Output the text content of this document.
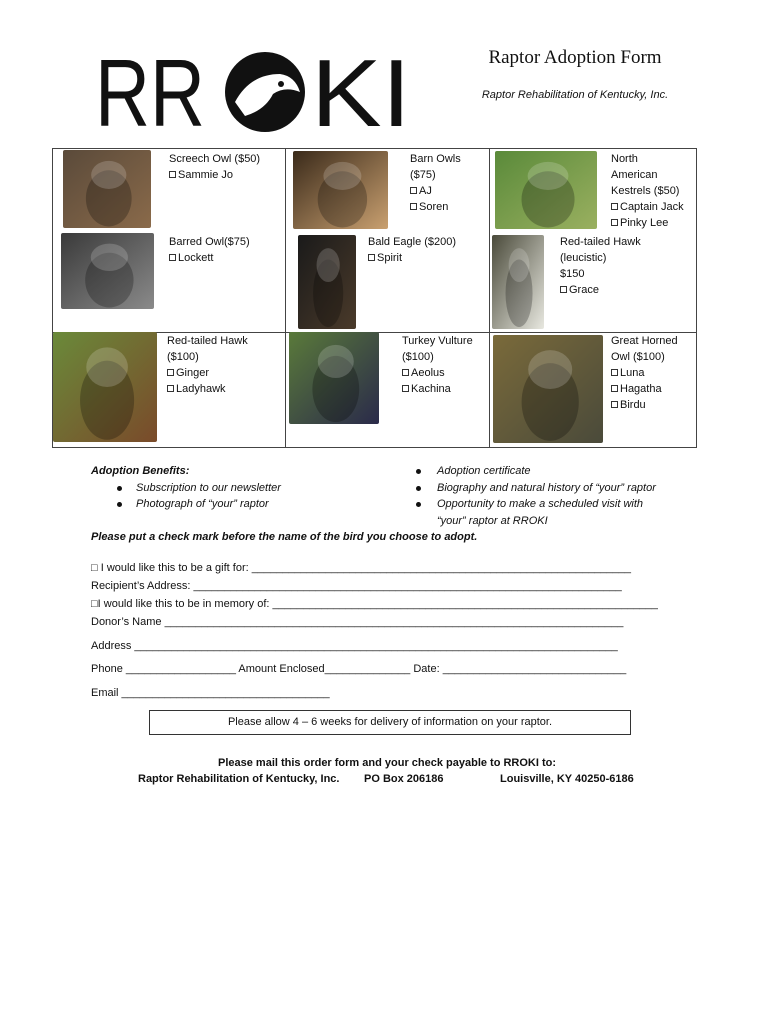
RR KI	Raptor Adoption Form
Raptor Rehabilitation of Kentucky, Inc.
Screech Owl ($50)
Sammie Jo
Barn Owls
($75)
AJ
Soren
North
American
Kestrels ($50)
Captain Jack
Pinky Lee
Barred Owl($75)
Lockett
Bald Eagle ($200)
Spirit
Red-tailed Hawk
(leucistic)
$150
Grace
Red-tailed Hawk
($100)
Ginger
Ladyhawk
Turkey Vulture
($100)
Aeolus
Kachina
Great Horned
Owl ($100)
Luna
Hagatha
Birdu
Adoption Benefits:
Subscription to our newsletter
Photograph of “your” raptor
Adoption certificate
Biography and natural history of “your” raptor
Opportunity to make a scheduled visit with
“your” raptor at RROKI
Please put a check mark before the name of the bird you choose to adopt.
□ I would like this to be a gift for: ______________________________________________________________
Recipient’s Address: ______________________________________________________________________
□I would like this to be in memory of: _______________________________________________________________
Donor’s Name ___________________________________________________________________________
Address _______________________________________________________________________________
Phone __________________ Amount Enclosed______________ Date: ______________________________
Email __________________________________
Please allow 4 – 6 weeks for delivery of information on your raptor.
Please mail this order form and your check payable to RROKI to:
Raptor Rehabilitation of Kentucky, Inc. PO Box 206186	Louisville, KY 40250-6186
